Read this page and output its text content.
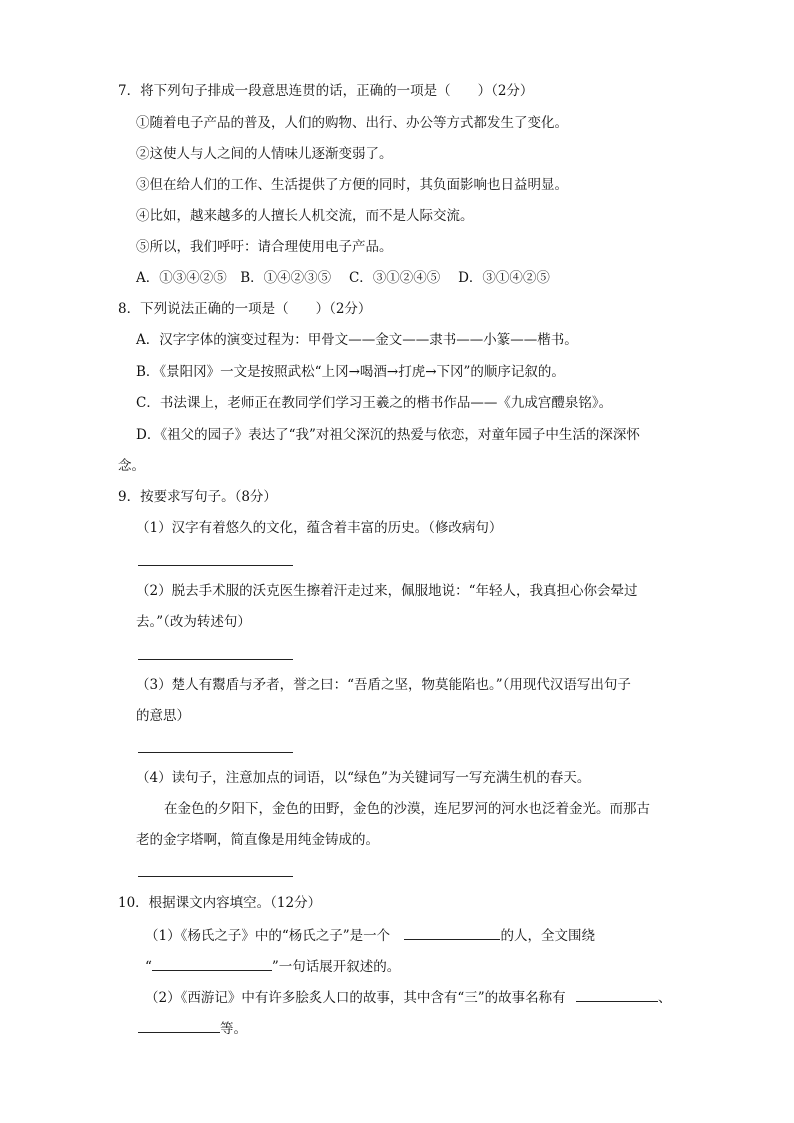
7．将下列句子排成一段意思连贯的话，正确的一项是（　　）（2分）
①随着电子产品的普及，人们的购物、出行、办公等方式都发生了变化。
②这使人与人之间的人情味儿逐渐变弱了。
③但在给人们的工作、生活提供了方便的同时，其负面影响也日益明显。
④比如，越来越多的人擅长人机交流，而不是人际交流。
⑤所以，我们呼吁：请合理使用电子产品。
A．①③④②⑤　B．①④②③⑤　 C．③①②④⑤　 D．③①④②⑤
8．下列说法正确的一项是（　　）（2分）
A．汉字字体的演变过程为：甲骨文——金文——隶书——小篆——楷书。
B．《景阳冈》一文是按照武松“上冈→喝酒→打虎→下冈”的顺序记叙的。
C．书法课上，老师正在教同学们学习王羲之的楷书作品——《九成宫醴泉铭》。
D．《祖父的园子》表达了“我”对祖父深沉的热爱与依恋，对童年园子中生活的深深怀
念。
9．按要求写句子。（8分）
（1）汉字有着悠久的文化，蕴含着丰富的历史。（修改病句）
（2）脱去手术服的沃克医生擦着汗走过来，佩服地说：“年轻人，我真担心你会晕过
去。”（改为转述句）
（3）楚人有鬻盾与矛者，誉之曰：“吾盾之坚，物莫能陷也。”（用现代汉语写出句子
的意思）
（4）读句子，注意加点的词语，以“绿色”为关键词写一写充满生机的春天。
在金色的夕阳下，金色的田野，金色的沙漠，连尼罗河的河水也泛着金光。而那古
老的金字塔啊，简直像是用纯金铸成的。
10．根据课文内容填空。（12分）
（1）《杨氏之子》中的“杨氏之子”是一个	的人，全文围绕
“	”一句话展开叙述的。
（2）《西游记》中有许多脍炙人口的故事，其中含有“三”的故事名称有	、
等。
